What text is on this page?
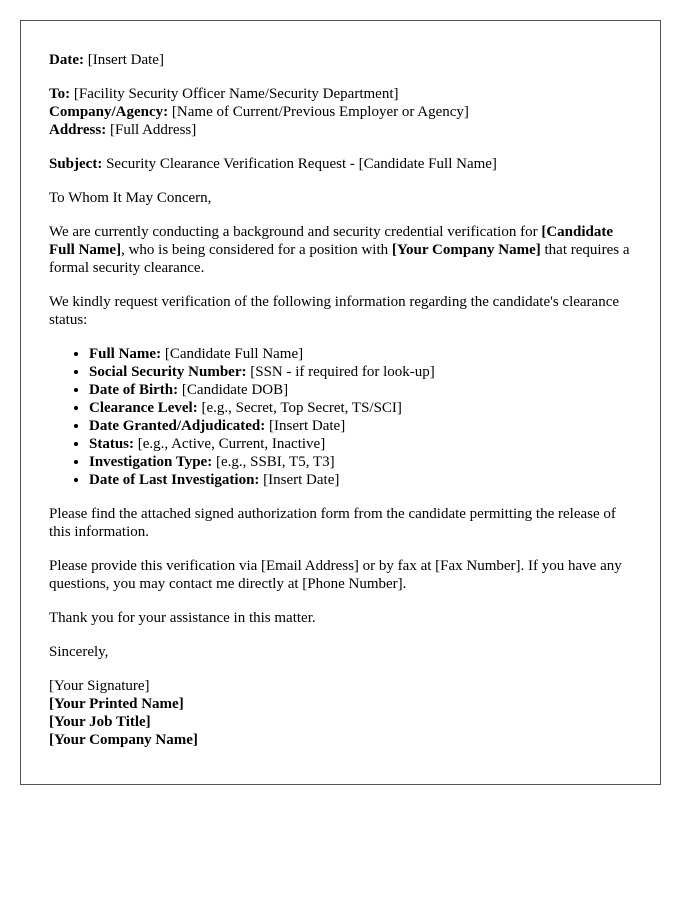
Date: [Insert Date]

To: [Facility Security Officer Name/Security Department]
Company/Agency: [Name of Current/Previous Employer or Agency]
Address: [Full Address]

Subject: Security Clearance Verification Request - [Candidate Full Name]

To Whom It May Concern,

We are currently conducting a background and security credential verification for [Candidate Full Name], who is being considered for a position with [Your Company Name] that requires a formal security clearance.

We kindly request verification of the following information regarding the candidate's clearance status:

• Full Name: [Candidate Full Name]
• Social Security Number: [SSN - if required for look-up]
• Date of Birth: [Candidate DOB]
• Clearance Level: [e.g., Secret, Top Secret, TS/SCI]
• Date Granted/Adjudicated: [Insert Date]
• Status: [e.g., Active, Current, Inactive]
• Investigation Type: [e.g., SSBI, T5, T3]
• Date of Last Investigation: [Insert Date]

Please find the attached signed authorization form from the candidate permitting the release of this information.

Please provide this verification via [Email Address] or by fax at [Fax Number]. If you have any questions, you may contact me directly at [Phone Number].

Thank you for your assistance in this matter.

Sincerely,

[Your Signature]
[Your Printed Name]
[Your Job Title]
[Your Company Name]
